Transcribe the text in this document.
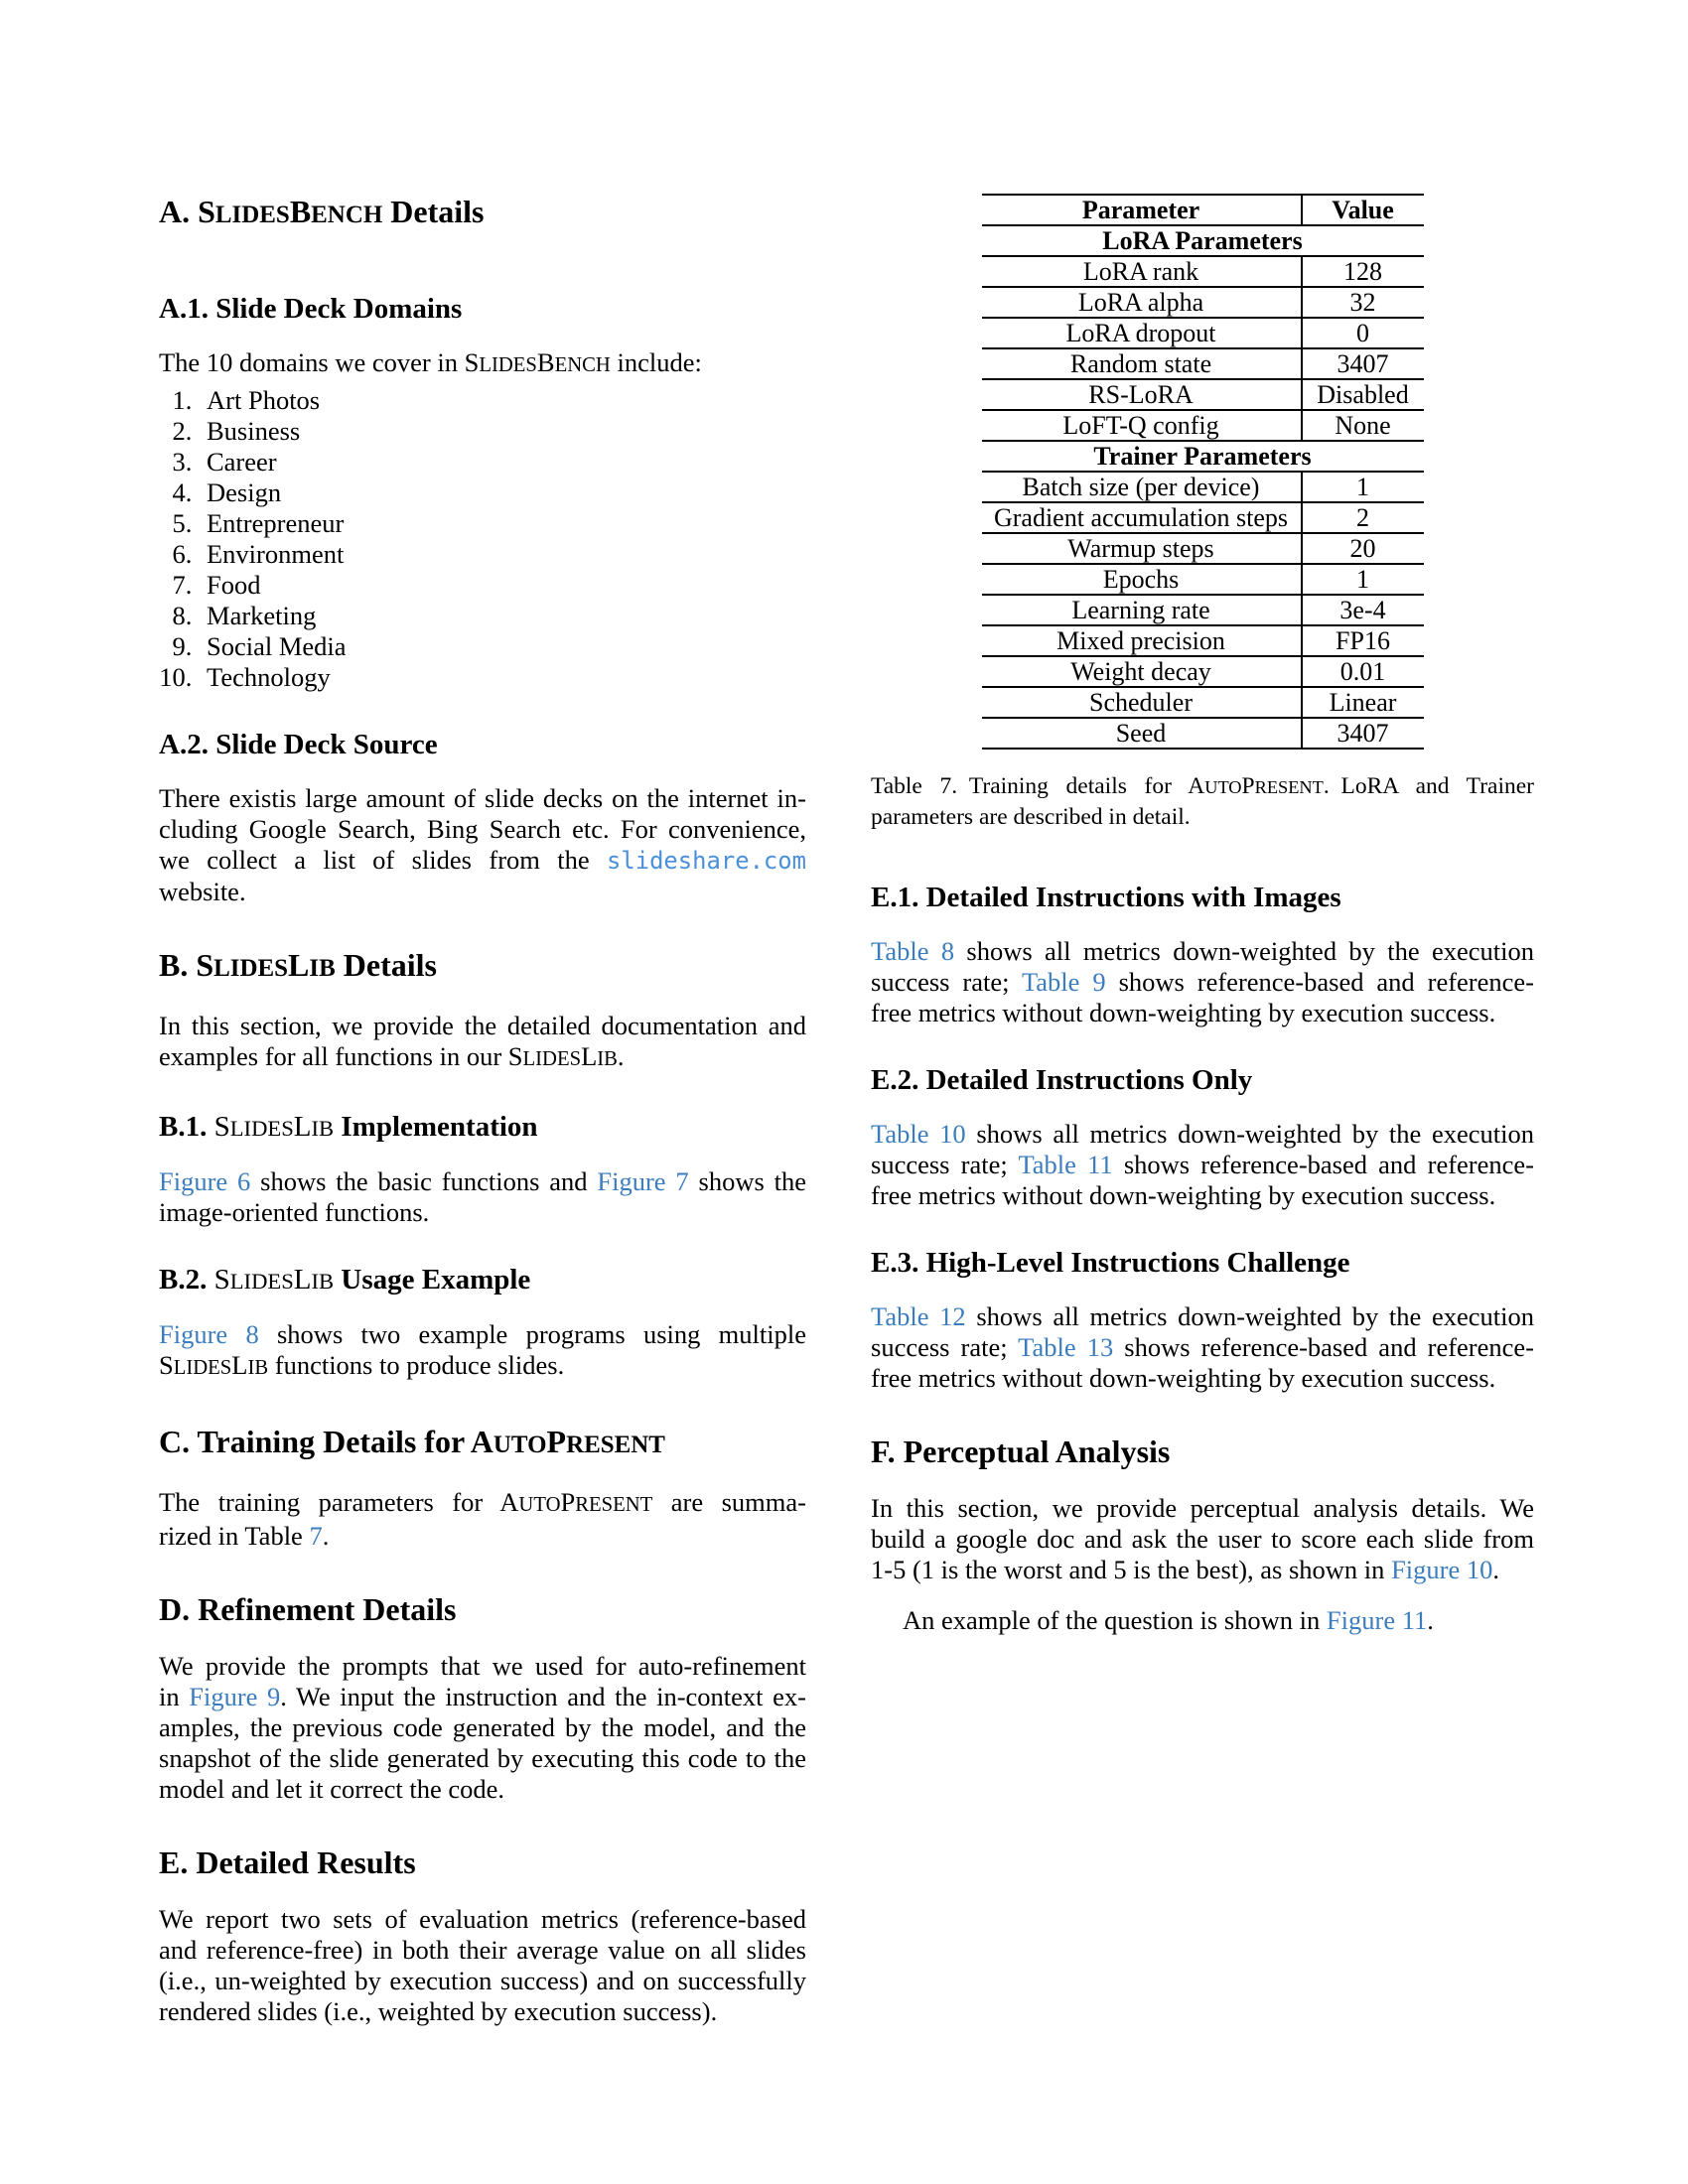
A. SLIDESBENCH Details
A.1. Slide Deck Domains
The 10 domains we cover in SLIDESBENCH include:
1. Art Photos
2. Business
3. Career
4. Design
5. Entrepreneur
6. Environment
7. Food
8. Marketing
9. Social Media
10. Technology
A.2. Slide Deck Source
There existis large amount of slide decks on the internet in-
cluding Google Search, Bing Search etc. For convenience,
we collect a list of slides from the slideshare.com
website.
B. SLIDESLIB Details
In this section, we provide the detailed documentation and
examples for all functions in our SLIDESLIB.
B.1. SLIDESLIB Implementation
Figure 6 shows the basic functions and Figure 7 shows the
image-oriented functions.
B.2. SLIDESLIB Usage Example
Figure 8 shows two example programs using multiple
SLIDESLIB functions to produce slides.
C. Training Details for AUTOPRESENT
The training parameters for AUTOPRESENT are summa-
rized in Table 7.
D. Refinement Details
We provide the prompts that we used for auto-refinement
in Figure 9. We input the instruction and the in-context ex-
amples, the previous code generated by the model, and the
snapshot of the slide generated by executing this code to the
model and let it correct the code.
E. Detailed Results
We report two sets of evaluation metrics (reference-based
and reference-free) in both their average value on all slides
(i.e., un-weighted by execution success) and on successfully
rendered slides (i.e., weighted by execution success).
Parameter	Value
LoRA Parameters	
LoRA rank	128
LoRA alpha	32
LoRA dropout	0
Random state	3407
RS-LoRA	Disabled
LoFT-Q config	None
Trainer Parameters	
Batch size (per device)	1
Gradient accumulation steps	2
Warmup steps	20
Epochs	1
Learning rate	3e-4
Mixed precision	FP16
Weight decay	0.01
Scheduler	Linear
Seed	3407
Table 7. Training details for AUTOPRESENT. LoRA and Trainer
parameters are described in detail.
E.1. Detailed Instructions with Images
Table 8 shows all metrics down-weighted by the execution
success rate; Table 9 shows reference-based and reference-
free metrics without down-weighting by execution success.
E.2. Detailed Instructions Only
Table 10 shows all metrics down-weighted by the execution
success rate; Table 11 shows reference-based and reference-
free metrics without down-weighting by execution success.
E.3. High-Level Instructions Challenge
Table 12 shows all metrics down-weighted by the execution
success rate; Table 13 shows reference-based and reference-
free metrics without down-weighting by execution success.
F. Perceptual Analysis
In this section, we provide perceptual analysis details. We
build a google doc and ask the user to score each slide from
1-5 (1 is the worst and 5 is the best), as shown in Figure 10.
An example of the question is shown in Figure 11.
